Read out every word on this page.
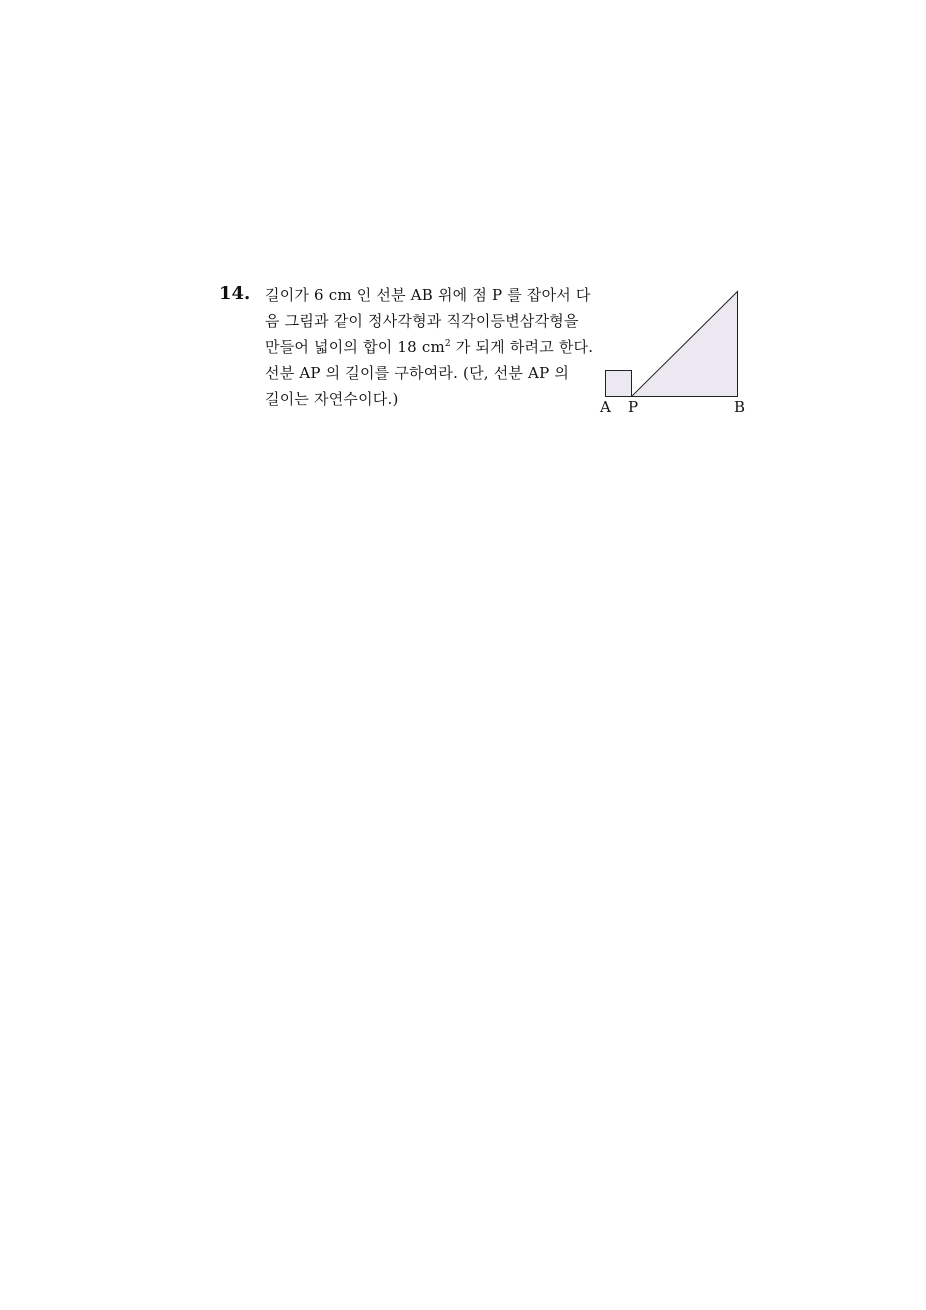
14. 길이가 6 cm 인 선분 AB 위에 점 P 를 잡아서 다
음 그림과 같이 정사각형과 직각이등변삼각형을
만들어 넓이의 합이 18 $cm^2$ 가 되게 하려고 한다.
선분 AP 의 길이를 구하여라. (단, 선분 AP 의
길이는 자연수이다.)	A P	B
